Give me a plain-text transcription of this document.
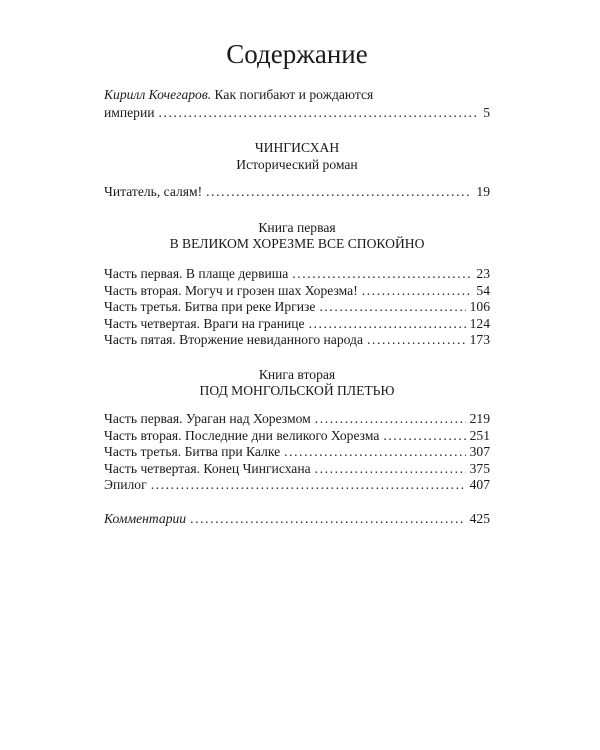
Содержание
Кирилл Кочегаров. Как погибают и рождаются
империи .....	5
ЧИНГИСХАН
Исторический роман
Читатель, салям! .....	19
Книга первая
В ВЕЛИКОМ ХОРЕЗМЕ ВСЕ СПОКОЙНО
Часть первая. В плаще дервиша .....	23
Часть вторая. Могуч и грозен шах Хорезма! .....	54
Часть третья. Битва при реке Иргизе .....	106
Часть четвертая. Враги на границе .....	124
Часть пятая. Вторжение невиданного народа .....	173
Книга вторая
ПОД МОНГОЛЬСКОЙ ПЛЕТЬЮ
Часть первая. Ураган над Хорезмом .....	219
Часть вторая. Последние дни великого Хорезма .....	251
Часть третья. Битва при Калке .....	307
Часть четвертая. Конец Чингисхана .....	375
Эпилог .....	407
Комментарии .....	425
